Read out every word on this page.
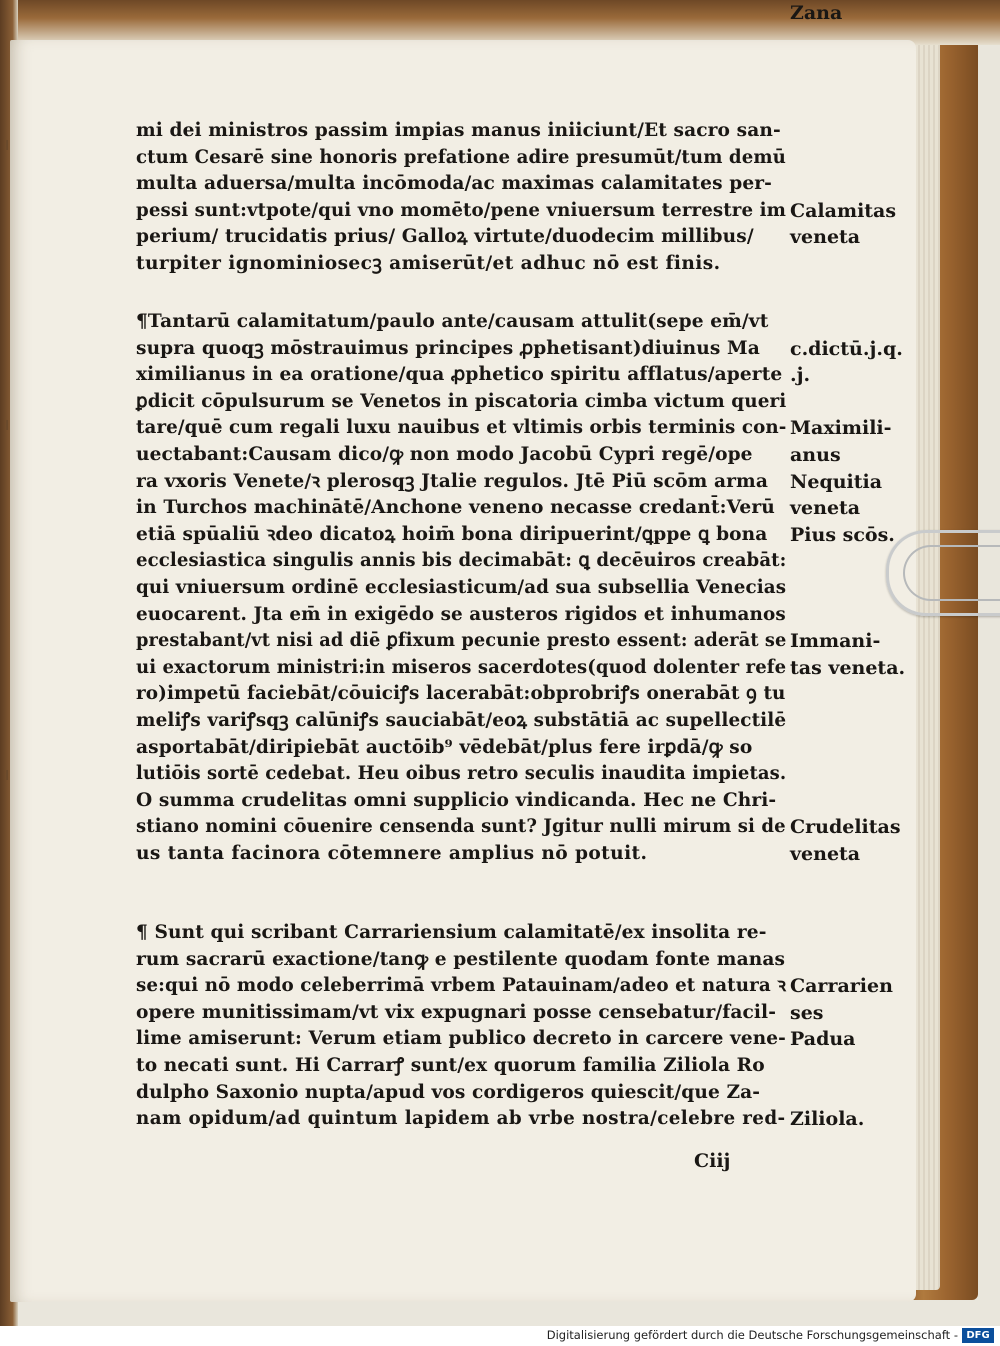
mi dei ministros passim impias manus iniiciunt/Et sacro san-
ctum Cesarē sine honoris prefatione adire presumūt/tum demū
multa aduersa/multa incōmoda/ac maximas calamitates per-
pessi sunt:vtpote/qui vno momēto/pene vniuersum terrestre im
perium/ trucidatis prius/ Galloꝝ virtute/duodecim millibus/
turpiter ignominiosecꝫ amiserūt/et adhuc nō est finis.
¶Tantarū calamitatum/paulo ante/causam attulit(sepe em̄/vt
supra quoqꝫ mōstrauimus principes ꝓphetisant)diuinus Ma
ximilianus in ea oratione/qua ꝓphetico spiritu afflatus/aperte
ꝑdicit cōpulsurum se Venetos in piscatoria cimba victum queri
tare/quē cum regali luxu nauibus et vltimis orbis terminis con-
uectabant:Causam dico/ꝙ non modo Jacobū Cypri regē/ope
ra vxoris Venete/ꝛ plerosqꝫ Jtalie regulos. Jtē Piū scōm arma
in Turchos machinātē/Anchone veneno necasse credant̄:Verū
etiā spūaliū ꝛdeo dicatoꝝ hoim̄ bona diripuerint/ꝗppe ꝗ bona
ecclesiastica singulis annis bis decimabāt: ꝗ decēuiros creabāt:
qui vniuersum ordinē ecclesiasticum/ad sua subsellia Venecias
euocarent. Jta em̄ in exigēdo se austeros rigidos et inhumanos
prestabant/vt nisi ad diē ꝑfixum pecunie presto essent: aderāt se
ui exactorum ministri:in miseros sacerdotes(quod dolenter refe
ro)impetū faciebāt/cōuiciꝭs lacerabāt:obprobriꝭs onerabāt ꝯ tu
meliꝭs variꝭsqꝫ calūniꝭs sauciabāt/eoꝝ substātiā ac supellectilē
asportabāt/diripiebāt auctōib⁹ vēdebāt/plus fere irꝑdā/ꝙ so
lutiōis sortē cedebat. Heu oibus retro seculis inaudita impietas.
O summa crudelitas omni supplicio vindicanda. Hec ne Chri-
stiano nomini cōuenire censenda sunt? Jgitur nulli mirum si de
us tanta facinora cōtemnere amplius nō potuit.
¶ Sunt qui scribant Carrariensium calamitatē/ex insolita re-
rum sacrarū exactione/tanꝙ e pestilente quodam fonte manas
se:qui nō modo celeberrimā vrbem Patauinam/adeo et natura ꝛ
opere munitissimam/vt vix expugnari posse censebatur/facil-
lime amiserunt: Verum etiam publico decreto in carcere vene-
to necati sunt. Hi Carrarꝭ sunt/ex quorum familia Ziliola Ro
dulpho Saxonio nupta/apud vos cordigeros quiescit/que Za-
nam opidum/ad quintum lapidem ab vrbe nostra/celebre red-
Calamitas
veneta
c.dictū.j.q.
.j.
Maximili-
anus
Nequitia
veneta
Pius scōs.
Immani-
tas veneta.
Crudelitas
veneta
Carrarien
ses
Padua
Ziliola.
Zana
Ciij
Digitalisierung gefördert durch die Deutsche Forschungsgemeinschaft - DFG
